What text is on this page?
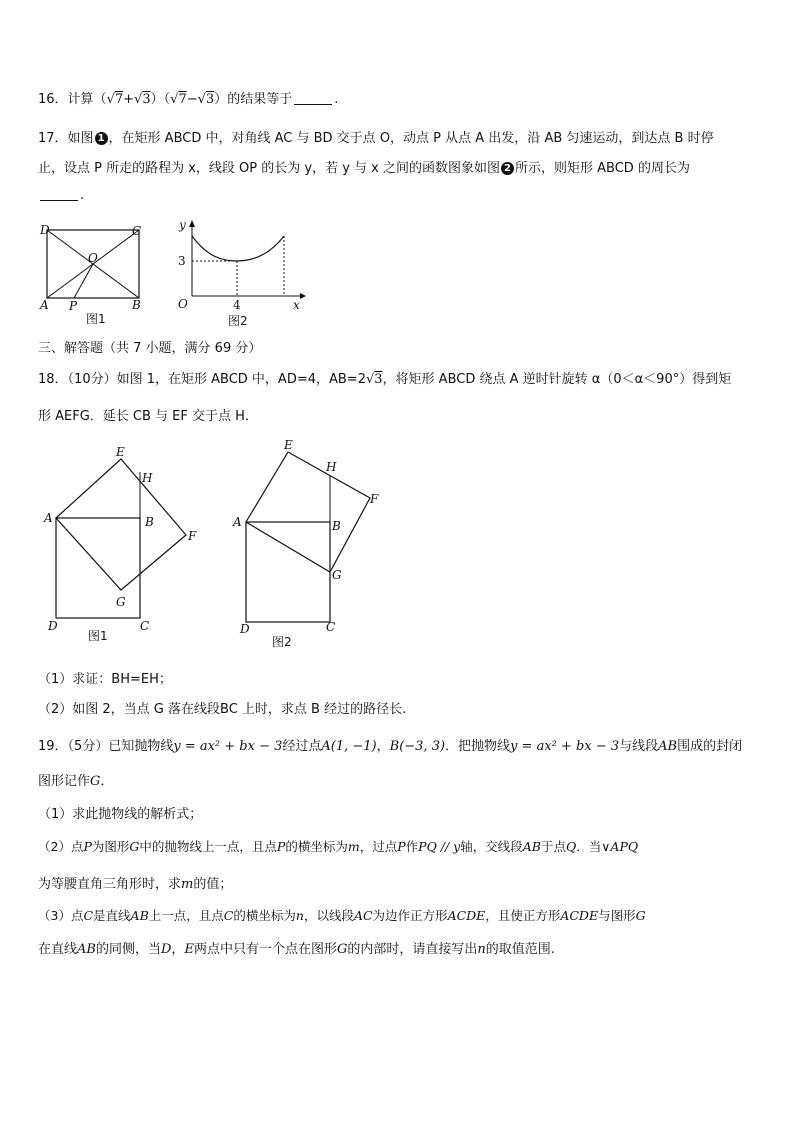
16．计算（√7+√3）（√7−√3）的结果等于	.
17．如图 1 ，在矩形 ABCD 中，对角线 AC 与 BD 交于点 O，动点 P 从点 A 出发，沿 AB 匀速运动，到达点 B 时停
止，设点 P 所走的路程为 x，线段 OP 的长为 y，若 y 与 x 之间的函数图象如图 2 所示，则矩形 ABCD 的周长为
.
D	C
O
A P	B
图1
y
3
O	4	x
图2
三、解答题（共 7 小题，满分 69 分）
18．（10分）如图 1，在矩形 ABCD 中，AD=4，AB=2√3，将矩形 ABCD 绕点 A 逆时针旋转 α（0＜α＜90°）得到矩
形 AEFG．延长 CB 与 EF 交于点 H．
E
H
A	B
F
G
D	C
图1
E
H
F
A	B
G
D	C
图2
（1）求证：BH=EH；
（2）如图 2，当点 G 落在线段BC 上时，求点 B 经过的路径长.
19．（5分）已知抛物线y = ax² + bx − 3经过点A(1, −1)，B(−3, 3)．把抛物线y = ax² + bx − 3与线段AB围成的封闭
图形记作G．
（1）求此抛物线的解析式；
（2）点P为图形G中的抛物线上一点，且点P的横坐标为m，过点P作PQ // y轴，交线段AB于点Q．当∨APQ
为等腰直角三角形时，求m的值；
（3）点C是直线AB上一点，且点C的横坐标为n，以线段AC为边作正方形ACDE，且使正方形ACDE与图形G
在直线AB的同侧，当D，E两点中只有一个点在图形G的内部时，请直接写出n的取值范围.
